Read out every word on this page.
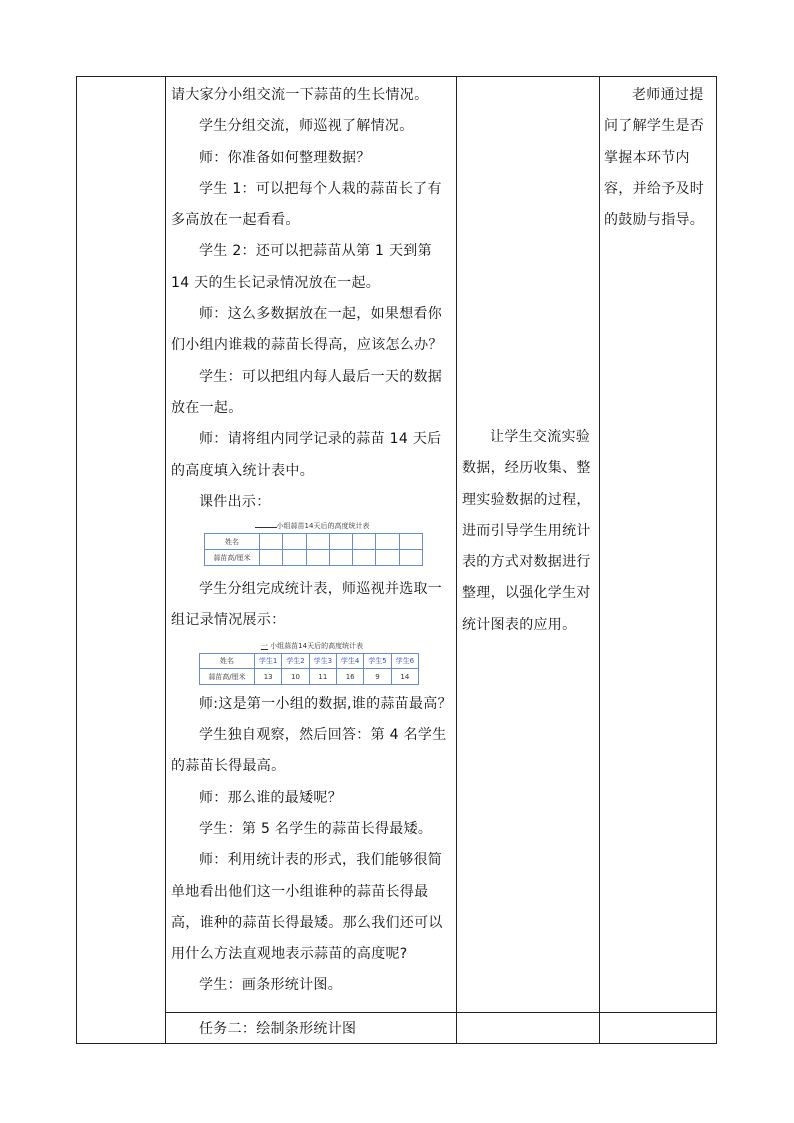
请大家分小组交流一下蒜苗的生长情况。

学生分组交流，师巡视了解情况。

师：你准备如何整理数据？

学生 1：可以把每个人栽的蒜苗长了有多高放在一起看看。

学生 2：还可以把蒜苗从第 1 天到第 14 天的生长记录情况放在一起。

师：这么多数据放在一起，如果想看你们小组内谁栽的蒜苗长得高，应该怎么办？

学生：可以把组内每人最后一天的数据放在一起。

师：请将组内同学记录的蒜苗 14 天后的高度填入统计表中。

课件出示：

小组蒜苗14天后的高度统计表
姓名							
蒜苗高/厘米							

学生分组完成统计表，师巡视并选取一组记录情况展示：

一 小组蒜苗14天后的高度统计表
姓名	学生1	学生2	学生3	学生4	学生5	学生6
蒜苗高/厘米	13	10	11	16	9	14

师:这是第一小组的数据,谁的蒜苗最高？

学生独自观察，然后回答：第 4 名学生的蒜苗长得最高。

师：那么谁的最矮呢？

学生：第 5 名学生的蒜苗长得最矮。

师：利用统计表的形式，我们能够很简单地看出他们这一小组谁种的蒜苗长得最高，谁种的蒜苗长得最矮。那么我们还可以用什么方法直观地表示蒜苗的高度呢?

学生：画条形统计图。

任务二：绘制条形统计图

让学生交流实验数据，经历收集、整理实验数据的过程，进而引导学生用统计表的方式对数据进行整理，以强化学生对统计图表的应用。

老师通过提问了解学生是否掌握本环节内容，并给予及时的鼓励与指导。
